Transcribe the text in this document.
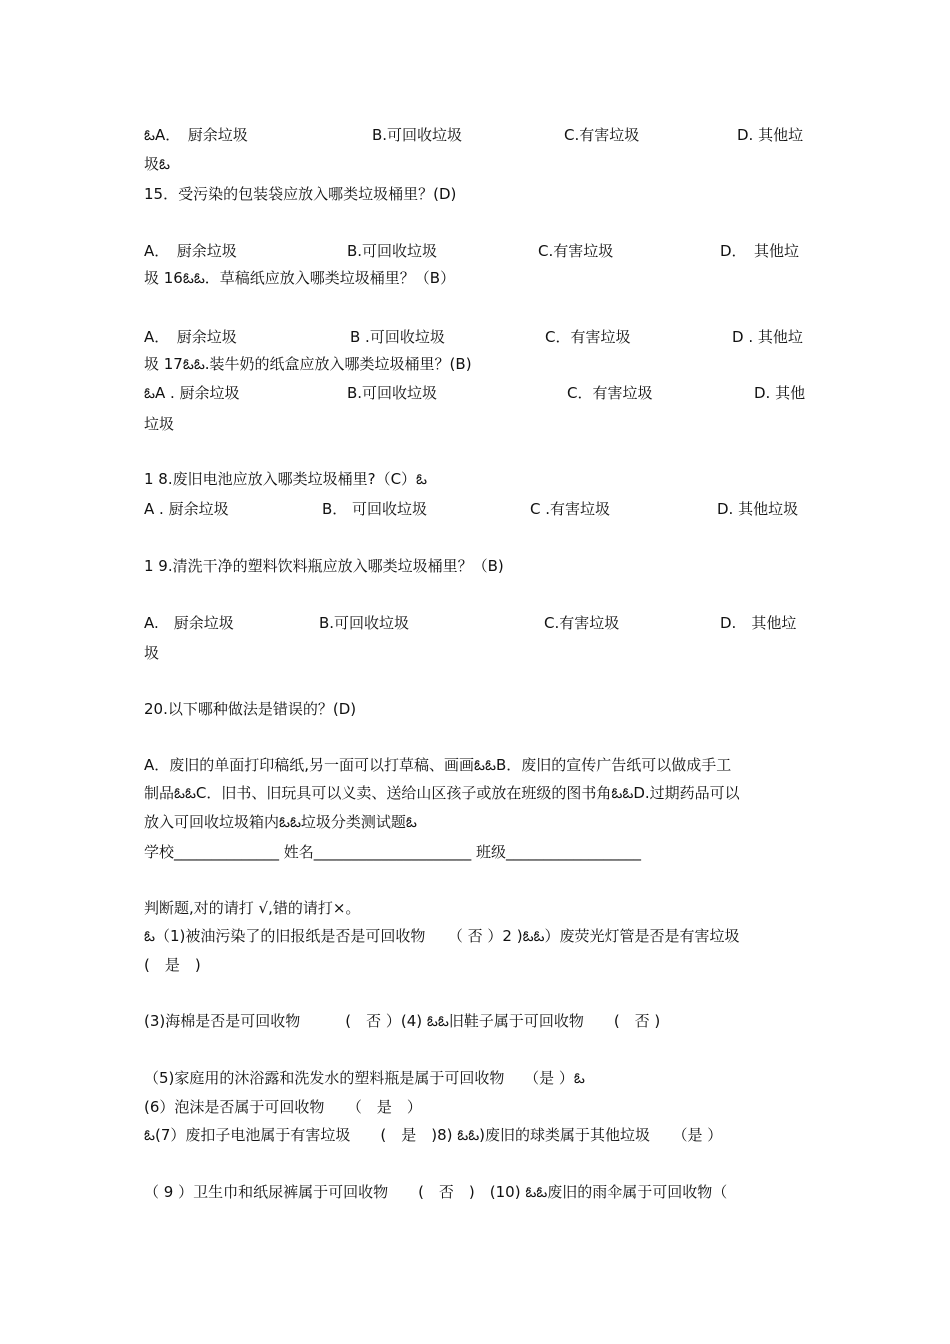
ఓA．　厨余垃圾	B.可回收垃圾	C.有害垃圾	D. 其他垃
圾ఓ
15．受污染的包装袋应放入哪类垃圾桶里？(D)
A．　厨余垃圾	B.可回收垃圾	C.有害垃圾	D．　其他垃
圾 16ఓఓ．草稿纸应放入哪类垃圾桶里？（B）
A．　厨余垃圾	B .可回收垃圾	C．有害垃圾	D . 其他垃
圾 17ఓఓ.装牛奶的纸盒应放入哪类垃圾桶里？(B)
ఓA . 厨余垃圾	B.可回收垃圾	C．有害垃圾	D. 其他
垃圾
1 8.废旧电池应放入哪类垃圾桶里?（C）ఓ
A . 厨余垃圾	B． 可回收垃圾	C .有害垃圾	D. 其他垃圾
1 9.清洗干净的塑料饮料瓶应放入哪类垃圾桶里？（B)
A.　厨余垃圾	B.可回收垃圾	C.有害垃圾	D.　其他垃
圾
20.以下哪种做法是错误的？(D)
A．废旧的单面打印稿纸,另一面可以打草稿、画画ఓఓB．废旧的宣传广告纸可以做成手工
制品ఓఓC．旧书、旧玩具可以义卖、送给山区孩子或放在班级的图书角ఓఓD.过期药品可以
放入可回收垃圾箱内ఓఓ垃圾分类测试题ఓ
学校______________ 姓名_____________________ 班级__________________
判断题,对的请打 √,错的请打×。
ఓ（1)被油污染了的旧报纸是否是可回收物　　（ 否 ）2 )ఓఓ）废荧光灯管是否是有害垃圾
(　是　)
(3)海棉是否是可回收物　　　(　否 ）(4) ఓఓ旧鞋子属于可回收物　　(　否 )
（5)家庭用的沐浴露和洗发水的塑料瓶是属于可回收物　 （是 ）ఓ
(6）泡沫是否属于可回收物　　（　是　）
ఓ(7）废扣子电池属于有害垃圾　　(　是　)8) ఓఓ)废旧的球类属于其他垃圾　　（是 ）
（ 9 ）卫生巾和纸尿裤属于可回收物　　(　否　)　(10) ఓఓ废旧的雨伞属于可回收物（
